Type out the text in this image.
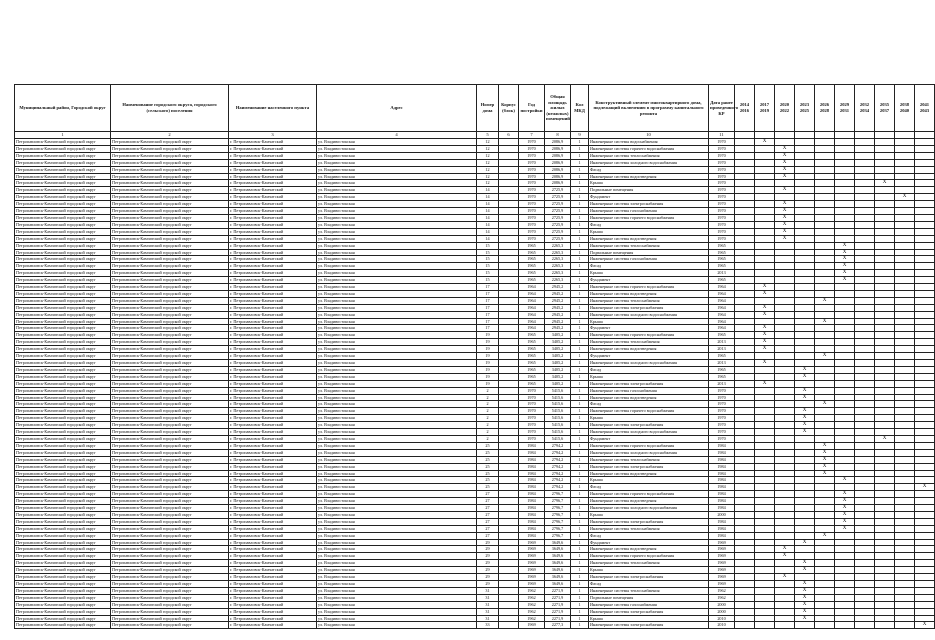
Муниципальный район, Городской округ	Наименование городского округа, городского (сельского) поселения	Наименование населенного пункта	Адрес	Номер дома	Корпус (блок)	Год постройки	Общая площадь жилых (нежилых) помещений	Кол МКД	Конструктивный элемент многоквартирного дома, подлежащий включению в программу капитального ремонта	Дата ранее проведенного КР	2014 2016	2017 2019	2020 2022	2023 2025	2026 2028	2029 2031	2032 2034	2035 2037	2038 2040	2041 2043
1	2	3	4	5	6	7	8	9	10	11										
Петропавловск-Камчатский городской округ	Петропавловск-Камчатский городской округ	г. Петропавловск-Камчатский	ул. Владивостокская	12		1970	2086,9	1	Инженерные системы водоснабжения	1970		X								
Петропавловск-Камчатский городской округ	Петропавловск-Камчатский городской округ	г. Петропавловск-Камчатский	ул. Владивостокская	12		1970	2086,9	1	Инженерные системы горячего водоснабжения	1970			X							
Петропавловск-Камчатский городской округ	Петропавловск-Камчатский городской округ	г. Петропавловск-Камчатский	ул. Владивостокская	12		1970	2086,9	1	Инженерные системы теплоснабжения	1970			X							
Петропавловск-Камчатский городской округ	Петропавловск-Камчатский городской округ	г. Петропавловск-Камчатский	ул. Владивостокская	12		1970	2086,9	1	Инженерные системы холодного водоснабжения	1970			X							
Петропавловск-Камчатский городской округ	Петропавловск-Камчатский городской округ	г. Петропавловск-Камчатский	ул. Владивостокская	12		1970	2086,9	1	Фасад	1970			X							
Петропавловск-Камчатский городской округ	Петропавловск-Камчатский городской округ	г. Петропавловск-Камчатский	ул. Владивостокская	12		1970	2086,9	1	Инженерные системы водоотведения	1970			X							
Петропавловск-Камчатский городской округ	Петропавловск-Камчатский городской округ	г. Петропавловск-Камчатский	ул. Владивостокская	12		1970	2086,9	1	Крыша	1970								X		
Петропавловск-Камчатский городской округ	Петропавловск-Камчатский городской округ	г. Петропавловск-Камчатский	ул. Владивостокская	14		1970	2725,9	1	Подвальные помещения	1970			X							
Петропавловск-Камчатский городской округ	Петропавловск-Камчатский городской округ	г. Петропавловск-Камчатский	ул. Владивостокская	14		1970	2725,9	1	Фундамент	1970									X	
Петропавловск-Камчатский городской округ	Петропавловск-Камчатский городской округ	г. Петропавловск-Камчатский	ул. Владивостокская	14		1970	2725,9	1	Инженерные системы электроснабжения	1970			X							
Петропавловск-Камчатский городской округ	Петропавловск-Камчатский городской округ	г. Петропавловск-Камчатский	ул. Владивостокская	14		1970	2725,9	1	Инженерные системы газоснабжения	1970			X							
Петропавловск-Камчатский городской округ	Петропавловск-Камчатский городской округ	г. Петропавловск-Камчатский	ул. Владивостокская	14		1970	2725,9	1	Инженерные системы горячего водоснабжения	1970			X							
Петропавловск-Камчатский городской округ	Петропавловск-Камчатский городской округ	г. Петропавловск-Камчатский	ул. Владивостокская	14		1970	2725,9	1	Фасад	1970			X							
Петропавловск-Камчатский городской округ	Петропавловск-Камчатский городской округ	г. Петропавловск-Камчатский	ул. Владивостокская	14		1970	2725,9	1	Крыша	1970			X							
Петропавловск-Камчатский городской округ	Петропавловск-Камчатский городской округ	г. Петропавловск-Камчатский	ул. Владивостокская	14		1970	2725,9	1	Инженерные системы водоотведения	1970			X							
Петропавловск-Камчатский городской округ	Петропавловск-Камчатский городской округ	г. Петропавловск-Камчатский	ул. Владивостокская	15		1965	2265,3	1	Инженерные системы теплоснабжения	1965						X				
Петропавловск-Камчатский городской округ	Петропавловск-Камчатский городской округ	г. Петропавловск-Камчатский	ул. Владивостокская	15		1965	2265,3	1	Подвальные помещения	1965						X				
Петропавловск-Камчатский городской округ	Петропавловск-Камчатский городской округ	г. Петропавловск-Камчатский	ул. Владивостокская	15		1965	2265,3	1	Инженерные системы газоснабжения	1965						X				
Петропавловск-Камчатский городской округ	Петропавловск-Камчатский городской округ	г. Петропавловск-Камчатский	ул. Владивостокская	15		1965	2265,3	1	Фасад	1965						X				
Петропавловск-Камчатский городской округ	Петропавловск-Камчатский городской округ	г. Петропавловск-Камчатский	ул. Владивостокская	15		1965	2265,3	1	Крыша	2013						X				
Петропавловск-Камчатский городской округ	Петропавловск-Камчатский городской округ	г. Петропавловск-Камчатский	ул. Владивостокская	15		1965	2265,3	1	Фундамент	1965						X				
Петропавловск-Камчатский городской округ	Петропавловск-Камчатский городской округ	г. Петропавловск-Камчатский	ул. Владивостокская	17		1964	2945,2	1	Инженерные системы горячего водоснабжения	1964		X								
Петропавловск-Камчатский городской округ	Петропавловск-Камчатский городской округ	г. Петропавловск-Камчатский	ул. Владивостокская	17		1964	2945,2	1	Инженерные системы водоотведения	1964		X								
Петропавловск-Камчатский городской округ	Петропавловск-Камчатский городской округ	г. Петропавловск-Камчатский	ул. Владивостокская	17		1964	2945,2	1	Инженерные системы теплоснабжения	1964					X					
Петропавловск-Камчатский городской округ	Петропавловск-Камчатский городской округ	г. Петропавловск-Камчатский	ул. Владивостокская	17		1964	2945,2	1	Инженерные системы электроснабжения	1964		X								
Петропавловск-Камчатский городской округ	Петропавловск-Камчатский городской округ	г. Петропавловск-Камчатский	ул. Владивостокская	17		1964	2945,2	1	Инженерные системы холодного водоснабжения	1964		X								
Петропавловск-Камчатский городской округ	Петропавловск-Камчатский городской округ	г. Петропавловск-Камчатский	ул. Владивостокская	17		1964	2945,2	1	Крыша	1964					X					
Петропавловск-Камчатский городской округ	Петропавловск-Камчатский городской округ	г. Петропавловск-Камчатский	ул. Владивостокская	17		1964	2945,2	1	Фундамент	1964		X								
Петропавловск-Камчатский городской округ	Петропавловск-Камчатский городской округ	г. Петропавловск-Камчатский	ул. Владивостокская	19		1965	3405,2	1	Инженерные системы горячего водоснабжения	1965		X								
Петропавловск-Камчатский городской округ	Петропавловск-Камчатский городской округ	г. Петропавловск-Камчатский	ул. Владивостокская	19		1965	3405,2	1	Инженерные системы теплоснабжения	2013		X								
Петропавловск-Камчатский городской округ	Петропавловск-Камчатский городской округ	г. Петропавловск-Камчатский	ул. Владивостокская	19		1965	3405,2	1	Инженерные системы водоотведения	2013		X								
Петропавловск-Камчатский городской округ	Петропавловск-Камчатский городской округ	г. Петропавловск-Камчатский	ул. Владивостокская	19		1965	3405,2	1	Фундамент	1965					X					
Петропавловск-Камчатский городской округ	Петропавловск-Камчатский городской округ	г. Петропавловск-Камчатский	ул. Владивостокская	19		1965	3405,2	1	Инженерные системы холодного водоснабжения	2013		X								
Петропавловск-Камчатский городской округ	Петропавловск-Камчатский городской округ	г. Петропавловск-Камчатский	ул. Владивостокская	19		1965	3405,2	1	Фасад	1965				X						
Петропавловск-Камчатский городской округ	Петропавловск-Камчатский городской округ	г. Петропавловск-Камчатский	ул. Владивостокская	19		1965	3405,2	1	Крыша	1965				X						
Петропавловск-Камчатский городской округ	Петропавловск-Камчатский городской округ	г. Петропавловск-Камчатский	ул. Владивостокская	19		1965	3405,2	1	Инженерные системы электроснабжения	2013		X								
Петропавловск-Камчатский городской округ	Петропавловск-Камчатский городской округ	г. Петропавловск-Камчатский	ул. Владивостокская	2		1970	5415,6	1	Инженерные системы газоснабжения	1970				X						
Петропавловск-Камчатский городской округ	Петропавловск-Камчатский городской округ	г. Петропавловск-Камчатский	ул. Владивостокская	2		1970	5415,6	1	Инженерные системы водоотведения	1970				X						
Петропавловск-Камчатский городской округ	Петропавловск-Камчатский городской округ	г. Петропавловск-Камчатский	ул. Владивостокская	2		1970	5415,6	1	Фасад	1970					X					
Петропавловск-Камчатский городской округ	Петропавловск-Камчатский городской округ	г. Петропавловск-Камчатский	ул. Владивостокская	2		1970	5415,6	1	Инженерные системы горячего водоснабжения	1970				X						
Петропавловск-Камчатский городской округ	Петропавловск-Камчатский городской округ	г. Петропавловск-Камчатский	ул. Владивостокская	2		1970	5415,6	1	Крыша	1970				X						
Петропавловск-Камчатский городской округ	Петропавловск-Камчатский городской округ	г. Петропавловск-Камчатский	ул. Владивостокская	2		1970	5415,6	1	Инженерные системы электроснабжения	1970				X						
Петропавловск-Камчатский городской округ	Петропавловск-Камчатский городской округ	г. Петропавловск-Камчатский	ул. Владивостокская	2		1970	5415,6	1	Инженерные системы холодного водоснабжения	1970				X						
Петропавловск-Камчатский городской округ	Петропавловск-Камчатский городской округ	г. Петропавловск-Камчатский	ул. Владивостокская	2		1970	5415,6	1	Фундамент	1970								X		
Петропавловск-Камчатский городской округ	Петропавловск-Камчатский городской округ	г. Петропавловск-Камчатский	ул. Владивостокская	25		1984	2794,2	1	Инженерные системы горячего водоснабжения	1984					X					
Петропавловск-Камчатский городской округ	Петропавловск-Камчатский городской округ	г. Петропавловск-Камчатский	ул. Владивостокская	25		1984	2794,2	1	Инженерные системы холодного водоснабжения	1984					X					
Петропавловск-Камчатский городской округ	Петропавловск-Камчатский городской округ	г. Петропавловск-Камчатский	ул. Владивостокская	25		1984	2794,2	1	Инженерные системы теплоснабжения	1984					X					
Петропавловск-Камчатский городской округ	Петропавловск-Камчатский городской округ	г. Петропавловск-Камчатский	ул. Владивостокская	25		1984	2794,2	1	Инженерные системы электроснабжения	1984					X					
Петропавловск-Камчатский городской округ	Петропавловск-Камчатский городской округ	г. Петропавловск-Камчатский	ул. Владивостокская	25		1984	2794,2	1	Инженерные системы водоотведения	1984					X					
Петропавловск-Камчатский городской округ	Петропавловск-Камчатский городской округ	г. Петропавловск-Камчатский	ул. Владивостокская	25		1984	2794,2	1	Крыша	1984						X				
Петропавловск-Камчатский городской округ	Петропавловск-Камчатский городской округ	г. Петропавловск-Камчатский	ул. Владивостокская	25		1984	2794,2	1	Фасад	1984										X
Петропавловск-Камчатский городской округ	Петропавловск-Камчатский городской округ	г. Петропавловск-Камчатский	ул. Владивостокская	27		1984	2796,7	1	Инженерные системы горячего водоснабжения	1984						X				
Петропавловск-Камчатский городской округ	Петропавловск-Камчатский городской округ	г. Петропавловск-Камчатский	ул. Владивостокская	27		1984	2796,7	1	Инженерные системы водоотведения	1984						X				
Петропавловск-Камчатский городской округ	Петропавловск-Камчатский городской округ	г. Петропавловск-Камчатский	ул. Владивостокская	27		1984	2796,7	1	Инженерные системы холодного водоснабжения	1984						X				
Петропавловск-Камчатский городской округ	Петропавловск-Камчатский городской округ	г. Петропавловск-Камчатский	ул. Владивостокская	27		1984	2796,7	1	Крыша	2000						X				
Петропавловск-Камчатский городской округ	Петропавловск-Камчатский городской округ	г. Петропавловск-Камчатский	ул. Владивостокская	27		1984	2796,7	1	Инженерные системы электроснабжения	1984						X				
Петропавловск-Камчатский городской округ	Петропавловск-Камчатский городской округ	г. Петропавловск-Камчатский	ул. Владивостокская	27		1984	2796,7	1	Инженерные системы теплоснабжения	1984						X				
Петропавловск-Камчатский городской округ	Петропавловск-Камчатский городской округ	г. Петропавловск-Камчатский	ул. Владивостокская	27		1984	2796,7	1	Фасад	1984					X					
Петропавловск-Камчатский городской округ	Петропавловск-Камчатский городской округ	г. Петропавловск-Камчатский	ул. Владивостокская	29		1969	3649,6	1	Фундамент	1969				X						
Петропавловск-Камчатский городской округ	Петропавловск-Камчатский городской округ	г. Петропавловск-Камчатский	ул. Владивостокская	29		1969	3649,6	1	Инженерные системы водоотведения	1969			X							
Петропавловск-Камчатский городской округ	Петропавловск-Камчатский городской округ	г. Петропавловск-Камчатский	ул. Владивостокская	29		1969	3649,6	1	Инженерные системы горячего водоснабжения	1969			X							
Петропавловск-Камчатский городской округ	Петропавловск-Камчатский городской округ	г. Петропавловск-Камчатский	ул. Владивостокская	29		1969	3649,6	1	Инженерные системы теплоснабжения	1969				X						
Петропавловск-Камчатский городской округ	Петропавловск-Камчатский городской округ	г. Петропавловск-Камчатский	ул. Владивостокская	29		1969	3649,6	1	Крыша	1969				X						
Петропавловск-Камчатский городской округ	Петропавловск-Камчатский городской округ	г. Петропавловск-Камчатский	ул. Владивостокская	29		1969	3649,6	1	Инженерные системы электроснабжения	1969			X							
Петропавловск-Камчатский городской округ	Петропавловск-Камчатский городской округ	г. Петропавловск-Камчатский	ул. Владивостокская	29		1969	3649,6	1	Фасад	1969				X						
Петропавловск-Камчатский городской округ	Петропавловск-Камчатский городской округ	г. Петропавловск-Камчатский	ул. Владивостокская	31		1962	2271,9	1	Инженерные системы теплоснабжения	1962				X						
Петропавловск-Камчатский городской округ	Петропавловск-Камчатский городской округ	г. Петропавловск-Камчатский	ул. Владивостокская	31		1962	2271,9	1	Подвальные помещения	1962				X						
Петропавловск-Камчатский городской округ	Петропавловск-Камчатский городской округ	г. Петропавловск-Камчатский	ул. Владивостокская	31		1962	2271,9	1	Инженерные системы газоснабжения	2000				X						
Петропавловск-Камчатский городской округ	Петропавловск-Камчатский городской округ	г. Петропавловск-Камчатский	ул. Владивостокская	31		1962	2271,9	1	Инженерные системы электроснабжения	2000				X						
Петропавловск-Камчатский городской округ	Петропавловск-Камчатский городской округ	г. Петропавловск-Камчатский	ул. Владивостокская	31		1962	2271,9	1	Крыша	2010				X						
Петропавловск-Камчатский городской округ	Петропавловск-Камчатский городской округ	г. Петропавловск-Камчатский	ул. Владивостокская	33		1969	2277,3	1	Инженерные системы электроснабжения	2010										X
